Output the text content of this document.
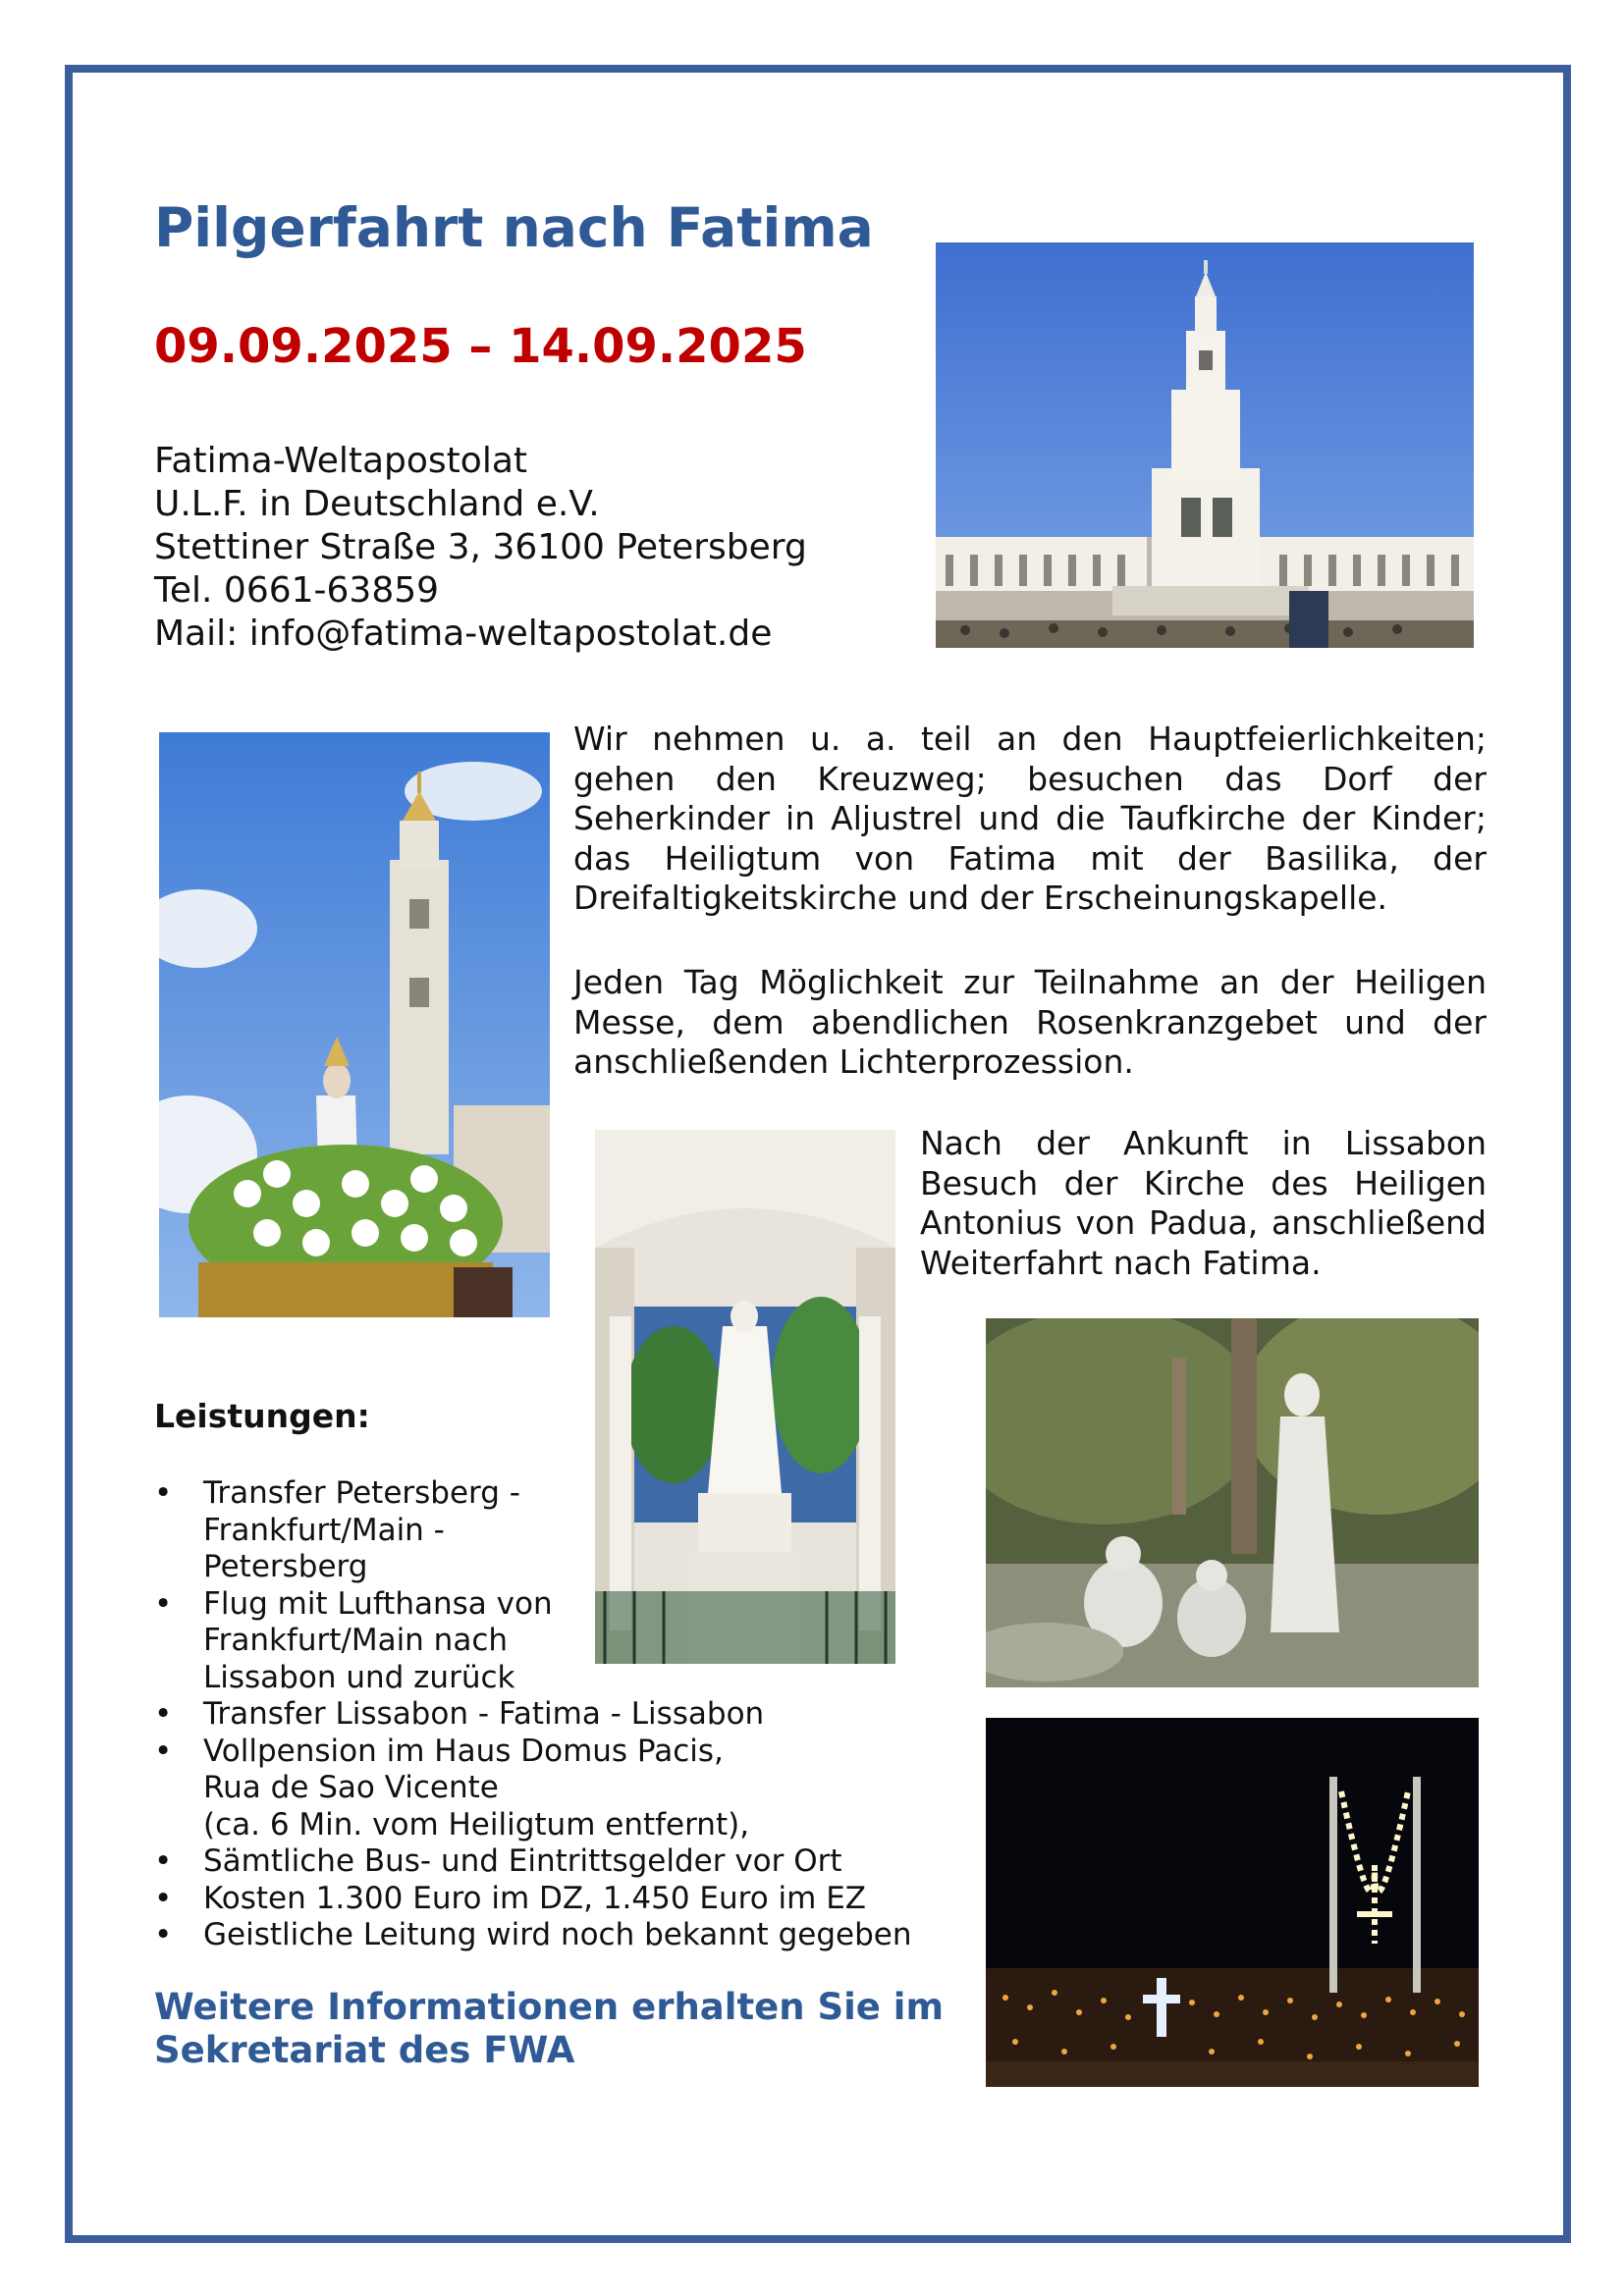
Pilgerfahrt nach Fatima
09.09.2025 – 14.09.2025
Fatima-Weltapostolat
U.L.F. in Deutschland e.V.
Stettiner Straße 3, 36100 Petersberg
Tel. 0661-63859
Mail: info@fatima-weltapostolat.de
Wir nehmen u. a. teil an den Hauptfeierlichkeiten; gehen den Kreuzweg; besuchen das Dorf der Seherkinder in Aljustrel und die Taufkirche der Kinder; das Heiligtum von Fatima mit der Basilika, der Dreifaltigkeitskirche und der Erscheinungskapelle.
Jeden Tag Möglichkeit zur Teilnahme an der Heiligen Messe, dem abendlichen Rosenkranzgebet und der anschließenden Lichterprozession.
Nach der Ankunft in Lissabon Besuch der Kirche des Heiligen Antonius von Padua, anschließend Weiterfahrt nach Fatima.
Leistungen:
• Transfer Petersberg -
Frankfurt/Main -
Petersberg
• Flug mit Lufthansa von
Frankfurt/Main nach
Lissabon und zurück
• Transfer Lissabon - Fatima - Lissabon
• Vollpension im Haus Domus Pacis,
Rua de Sao Vicente
(ca. 6 Min. vom Heiligtum entfernt),
• Sämtliche Bus- und Eintrittsgelder vor Ort
• Kosten 1.300 Euro im DZ, 1.450 Euro im EZ
• Geistliche Leitung wird noch bekannt gegeben
Weitere Informationen erhalten Sie im
Sekretariat des FWA
